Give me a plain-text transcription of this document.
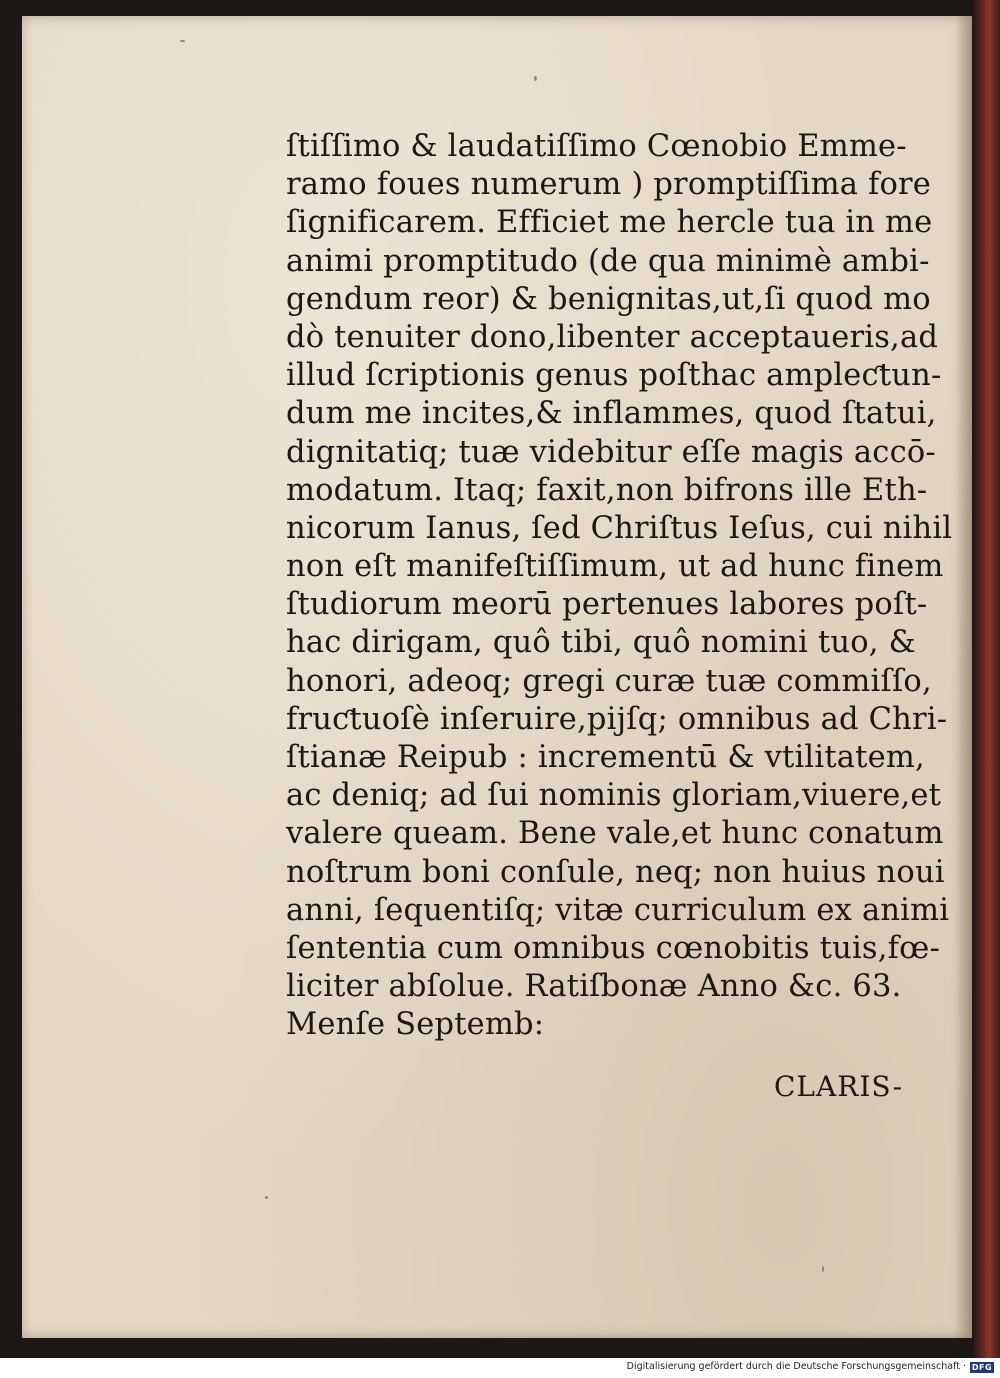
ſtiſſimo & laudatiſſimo Cœnobio Emme-
ramo foues numerum ) promptiſſima fore
ſignificarem. Efficiet me hercle tua in me
animi promptitudo (de qua minimè ambi-
gendum reor) & benignitas,ut,ſi quod mo
dò tenuiter dono,libenter acceptaueris,ad
illud ſcriptionis genus poſthac ampleƈtun-
dum me incites,& inflammes, quod ſtatui,
dignitatiq; tuæ videbitur eſſe magis accō-
modatum. Itaq; faxit,non bifrons ille Eth-
nicorum Ianus, ſed Chriſtus Ieſus, cui nihil
non eſt manifeſtiſſimum, ut ad hunc finem
ſtudiorum meorū pertenues labores poſt-
hac dirigam, quô tibi, quô nomini tuo, &
honori, adeoq; gregi curæ tuæ commiſſo,
fruƈtuoſè inſeruire,pijſq; omnibus ad Chri-
ſtianæ Reipub : incrementū & vtilitatem,
ac deniq; ad ſui nominis gloriam,viuere,et
valere queam. Bene vale,et hunc conatum
noſtrum boni conſule, neq; non huius noui
anni, ſequentiſq; vitæ curriculum ex animi
ſententia cum omnibus cœnobitis tuis,fœ-
liciter abſolue. Ratiſbonæ Anno &c. 63.
Menſe Septemb:
CLARIS-
Digitalisierung gefördert durch die Deutsche Forschungsgemeinschaft · DFG
